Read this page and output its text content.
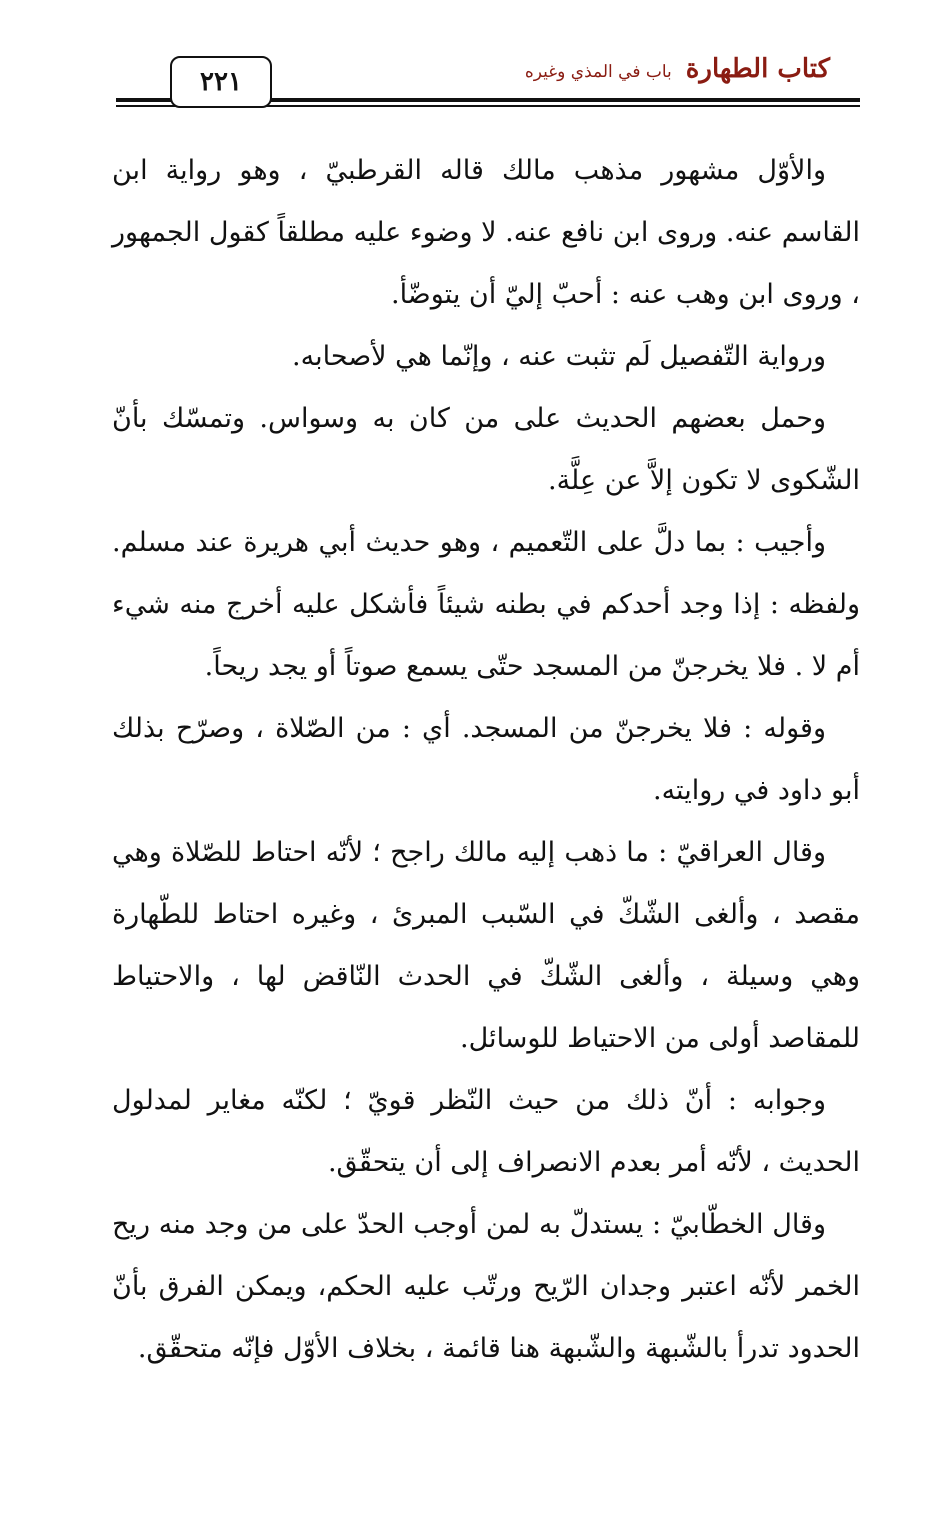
٢٢١	كتاب الطهارة
باب في المذي وغيره

والأوّل مشهور مذهب مالك قاله القرطبيّ ، وهو رواية ابن القاسم عنه. وروى ابن نافع عنه. لا وضوء عليه مطلقاً كقول الجمهور ، وروى ابن وهب عنه : أحبّ إليّ أن يتوضّأ.

ورواية التّفصيل لَم تثبت عنه ، وإنّما هي لأصحابه.

وحمل بعضهم الحديث على من كان به وسواس. وتمسّك بأنّ الشّكوى لا تكون إلاَّ عن عِلَّة.

وأجيب : بما دلَّ على التّعميم ، وهو حديث أبي هريرة عند مسلم. ولفظه : إذا وجد أحدكم في بطنه شيئاً فأشكل عليه أخرج منه شيء أم لا . فلا يخرجنّ من المسجد حتّى يسمع صوتاً أو يجد ريحاً.

وقوله : فلا يخرجنّ من المسجد. أي : من الصّلاة ، وصرّح بذلك أبو داود في روايته.

وقال العراقيّ : ما ذهب إليه مالك راجح ؛ لأنّه احتاط للصّلاة وهي مقصد ، وألغى الشّكّ في السّبب المبرئ ، وغيره احتاط للطّهارة وهي وسيلة ، وألغى الشّكّ في الحدث النّاقض لها ، والاحتياط للمقاصد أولى من الاحتياط للوسائل.

وجوابه : أنّ ذلك من حيث النّظر قويّ ؛ لكنّه مغاير لمدلول الحديث ، لأنّه أمر بعدم الانصراف إلى أن يتحقّق.

وقال الخطّابيّ : يستدلّ به لمن أوجب الحدّ على من وجد منه ريح الخمر لأنّه اعتبر وجدان الرّيح ورتّب عليه الحكم، ويمكن الفرق بأنّ الحدود تدرأ بالشّبهة والشّبهة هنا قائمة ، بخلاف الأوّل فإنّه متحقّق.
